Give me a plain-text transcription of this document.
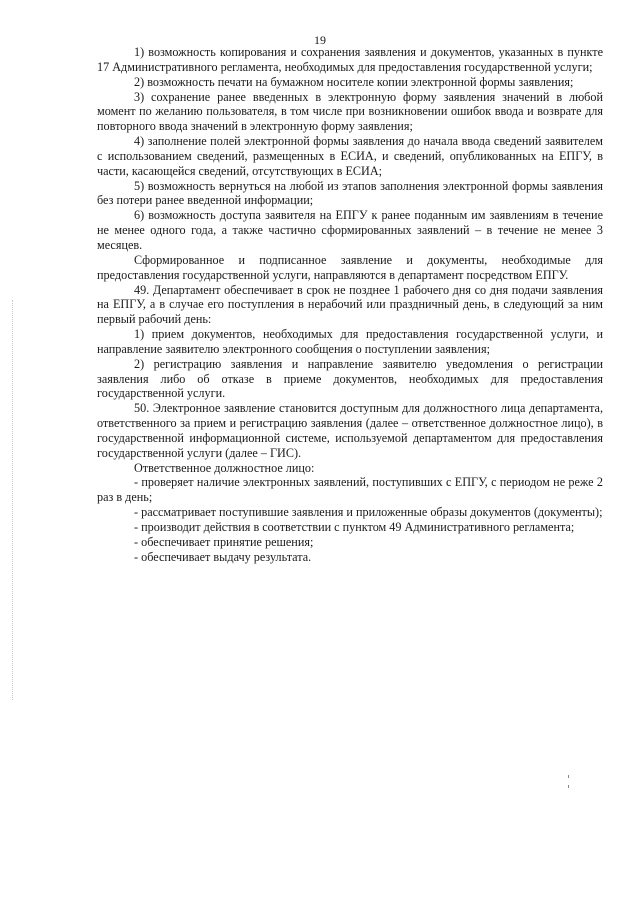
19

1) возможность копирования и сохранения заявления и документов, указанных в пункте 17 Административного регламента, необходимых для предоставления государственной услуги;

2) возможность печати на бумажном носителе копии электронной формы заявления;

3) сохранение ранее введенных в электронную форму заявления значений в любой момент по желанию пользователя, в том числе при возникновении ошибок ввода и возврате для повторного ввода значений в электронную форму заявления;

4) заполнение полей электронной формы заявления до начала ввода сведений заявителем с использованием сведений, размещенных в ЕСИА, и сведений, опубликованных на ЕПГУ, в части, касающейся сведений, отсутствующих в ЕСИА;

5) возможность вернуться на любой из этапов заполнения электронной формы заявления без потери ранее введенной информации;

6) возможность доступа заявителя на ЕПГУ к ранее поданным им заявлениям в течение не менее одного года, а также частично сформированных заявлений – в течение не менее 3 месяцев.

Сформированное и подписанное заявление и документы, необходимые для предоставления государственной услуги, направляются в департамент посредством ЕПГУ.

49. Департамент обеспечивает в срок не позднее 1 рабочего дня со дня подачи заявления на ЕПГУ, а в случае его поступления в нерабочий или праздничный день, в следующий за ним первый рабочий день:

1) прием документов, необходимых для предоставления государственной услуги, и направление заявителю электронного сообщения о поступлении заявления;

2) регистрацию заявления и направление заявителю уведомления о регистрации заявления либо об отказе в приеме документов, необходимых для предоставления государственной услуги.

50. Электронное заявление становится доступным для должностного лица департамента, ответственного за прием и регистрацию заявления (далее – ответственное должностное лицо), в государственной информационной системе, используемой департаментом для предоставления государственной услуги (далее – ГИС).

Ответственное должностное лицо:

- проверяет наличие электронных заявлений, поступивших с ЕПГУ, с периодом не реже 2 раз в день;

- рассматривает поступившие заявления и приложенные образы документов (документы);

- производит действия в соответствии с пунктом 49 Административного регламента;

- обеспечивает принятие решения;

- обеспечивает выдачу результата.
